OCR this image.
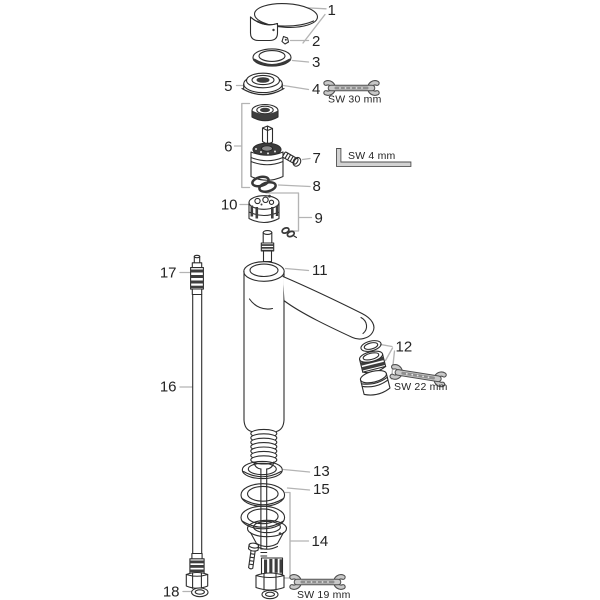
1
2
3
4
5
6
7
8
9
10
11
12
13
14
15
16
17
18
SW 30 mm
SW 4 mm
SW 22 mm
SW 19 mm
